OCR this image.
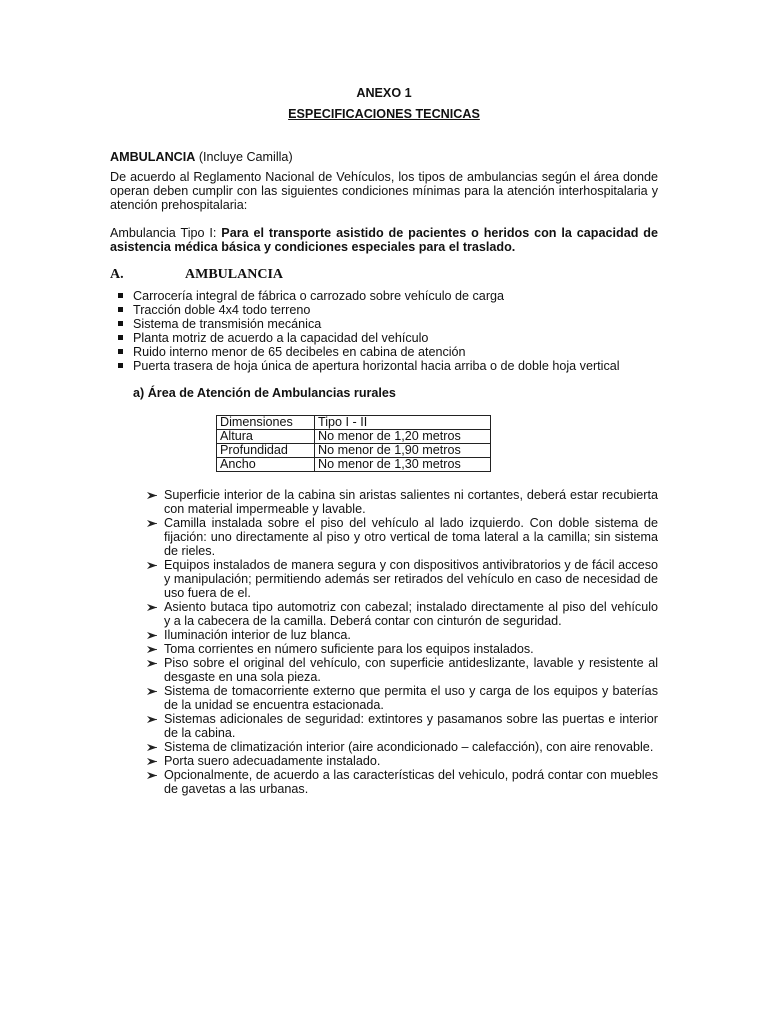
ANEXO 1
ESPECIFICACIONES TECNICAS
AMBULANCIA (Incluye Camilla)
De acuerdo al Reglamento Nacional de Vehículos, los tipos de ambulancias según el área donde operan deben cumplir con las siguientes condiciones mínimas para la atención interhospitalaria y atención prehospitalaria:
Ambulancia Tipo I: Para el transporte asistido de pacientes o heridos con la capacidad de asistencia médica básica y condiciones especiales para el traslado.
A.	AMBULANCIA
Carrocería integral de fábrica o carrozado sobre vehículo de carga
Tracción doble 4x4 todo terreno
Sistema de transmisión mecánica
Planta motriz de acuerdo a la capacidad del vehículo
Ruido interno menor de 65 decibeles en cabina de atención
Puerta trasera de hoja única de apertura horizontal hacia arriba o de doble hoja vertical
a) Área de Atención de Ambulancias rurales
Dimensiones	Tipo I - II
Altura	No menor de 1,20 metros
Profundidad	No menor de 1,90 metros
Ancho	No menor de 1,30 metros
Superficie interior de la cabina sin aristas salientes ni cortantes, deberá estar recubierta con material impermeable y lavable.
Camilla instalada sobre el piso del vehículo al lado izquierdo. Con doble sistema de fijación: uno directamente al piso y otro vertical de toma lateral a la camilla; sin sistema de rieles.
Equipos instalados de manera segura y con dispositivos antivibratorios y de fácil acceso y manipulación; permitiendo además ser retirados del vehículo en caso de necesidad de uso fuera de el.
Asiento butaca tipo automotriz con cabezal; instalado directamente al piso del vehículo y a la cabecera de la camilla. Deberá contar con cinturón de seguridad.
Iluminación interior de luz blanca.
Toma corrientes en número suficiente para los equipos instalados.
Piso sobre el original del vehículo, con superficie antideslizante, lavable y resistente al desgaste en una sola pieza.
Sistema de tomacorriente externo que permita el uso y carga de los equipos y baterías de la unidad se encuentra estacionada.
Sistemas adicionales de seguridad: extintores y pasamanos sobre las puertas e interior de la cabina.
Sistema de climatización interior (aire acondicionado – calefacción), con aire renovable.
Porta suero adecuadamente instalado.
Opcionalmente, de acuerdo a las características del vehiculo, podrá contar con muebles de gavetas a las urbanas.
